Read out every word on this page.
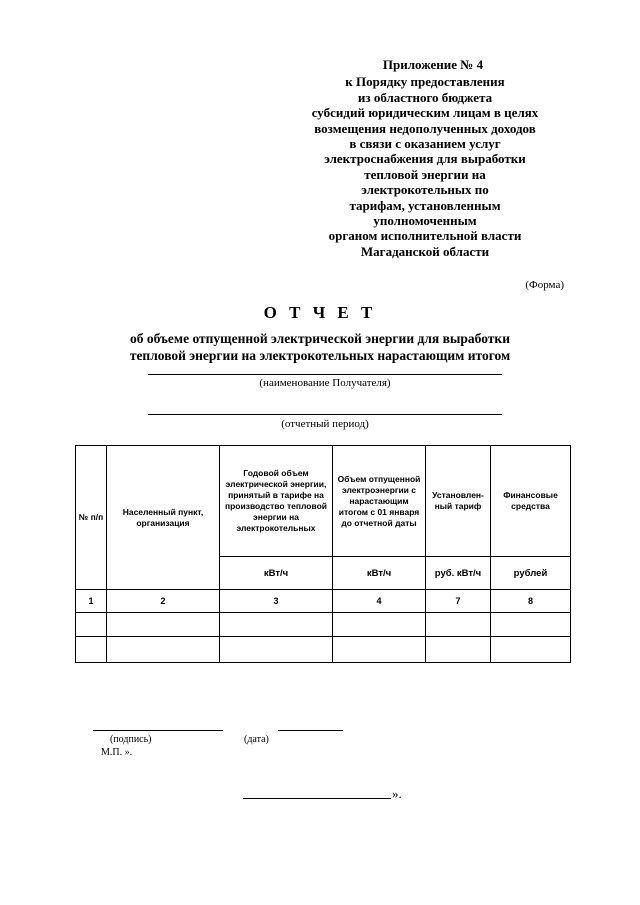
Приложение № 4
к Порядку предоставления
из областного бюджета
субсидий юридическим лицам в целях
возмещения недополученных доходов
в связи с оказанием услуг
электроснабжения для выработки
тепловой энергии на
электрокотельных по
тарифам, установленным
уполномоченным
органом исполнительной власти
Магаданской области
(Форма)
О Т Ч Е Т
об объеме отпущенной электрической энергии для выработки
тепловой энергии на электрокотельных нарастающим итогом
(наименование Получателя)
(отчетный период)
№ п/п	Населенный пункт, организация	Годовой объем электрической энергии, принятый в тарифе на производство тепловой энергии на электрокотельных	Объем отпущенной электроэнергии с нарастающим итогом с 01 января до отчетной даты	Установлен-ный тариф	Финансовые средства
		кВт/ч	кВт/ч	руб. кВт/ч	рублей
1	2	3	4	7	8

(подпись)	(дата)
М.П. ».
».
